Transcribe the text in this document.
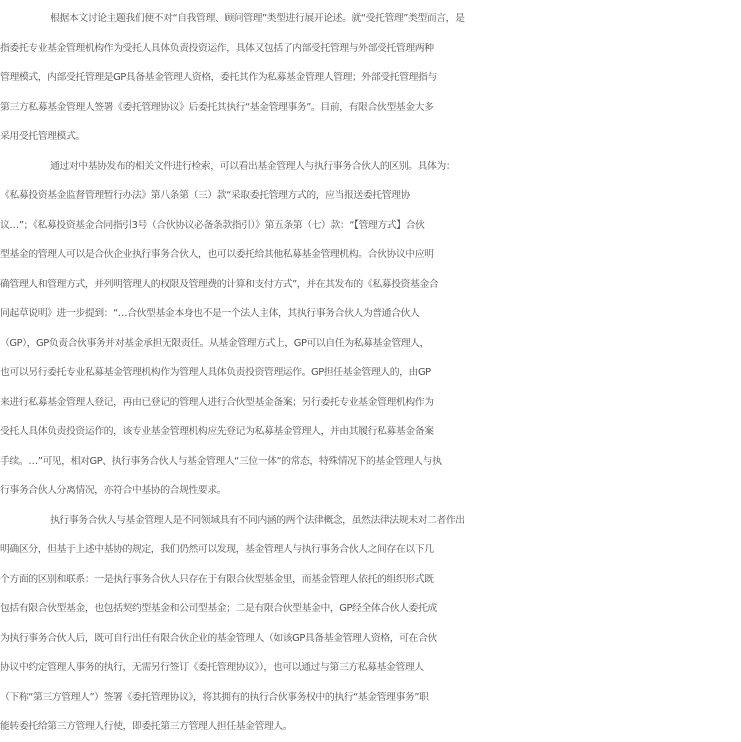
根据本文讨论主题我们便不对“自我管理、顾问管理”类型进行展开论述。就“受托管理”类型而言，是
指委托专业基金管理机构作为受托人具体负责投资运作，具体又包括了内部受托管理与外部受托管理两种
管理模式，内部受托管理是GP具备基金管理人资格，委托其作为私募基金管理人管理；外部受托管理指与
第三方私募基金管理人签署《委托管理协议》后委托其执行“基金管理事务”。目前，有限合伙型基金大多
采用受托管理模式。
通过对中基协发布的相关文件进行检索，可以看出基金管理人与执行事务合伙人的区别。具体为：
《私募投资基金监督管理暂行办法》第八条第（三）款“采取委托管理方式的，应当报送委托管理协
议…”；《私募投资基金合同指引3号（合伙协议必备条款指引）》第五条第（七）款：“【管理方式】合伙
型基金的管理人可以是合伙企业执行事务合伙人，也可以委托给其他私募基金管理机构。合伙协议中应明
确管理人和管理方式，并列明管理人的权限及管理费的计算和支付方式”，并在其发布的《私募投资基金合
同起草说明》进一步提到：“…合伙型基金本身也不是一个法人主体，其执行事务合伙人为普通合伙人
（GP），GP负责合伙事务并对基金承担无限责任。从基金管理方式上，GP可以自任为私募基金管理人，
也可以另行委托专业私募基金管理机构作为管理人具体负责投资管理运作。GP担任基金管理人的，由GP
来进行私募基金管理人登记，再由已登记的管理人进行合伙型基金备案；另行委托专业基金管理机构作为
受托人具体负责投资运作的，该专业基金管理机构应先登记为私募基金管理人，并由其履行私募基金备案
手续。…”可见，相对GP、执行事务合伙人与基金管理人“三位一体”的常态，特殊情况下的基金管理人与执
行事务合伙人分离情况，亦符合中基协的合规性要求。
执行事务合伙人与基金管理人是不同领域具有不同内涵的两个法律概念，虽然法律法规未对二者作出
明确区分，但基于上述中基协的规定，我们仍然可以发现，基金管理人与执行事务合伙人之间存在以下几
个方面的区别和联系：一是执行事务合伙人只存在于有限合伙型基金里，而基金管理人依托的组织形式既
包括有限合伙型基金，也包括契约型基金和公司型基金；二是有限合伙型基金中，GP经全体合伙人委托成
为执行事务合伙人后，既可自行出任有限合伙企业的基金管理人（如该GP具备基金管理人资格，可在合伙
协议中约定管理人事务的执行，无需另行签订《委托管理协议》），也可以通过与第三方私募基金管理人
（下称“第三方管理人”）签署《委托管理协议》，将其拥有的执行合伙事务权中的执行“基金管理事务”职
能转委托给第三方管理人行使，即委托第三方管理人担任基金管理人。
